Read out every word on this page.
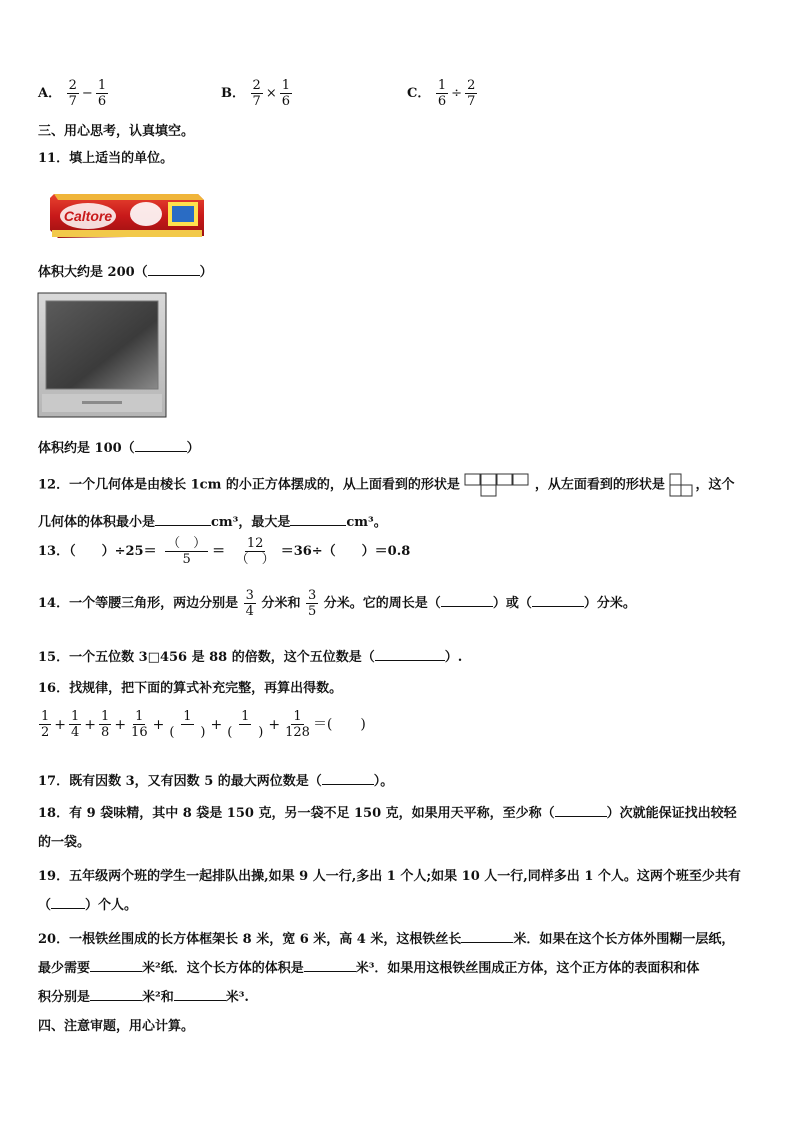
A． $\frac{2}{7} - \frac{1}{6}$	B． $\frac{2}{7} \times \frac{1}{6}$	C． $\frac{1}{6} \div \frac{2}{7}$
三、用心思考，认真填空。
11．填上适当的单位。
Caltore
体积大约是 200（	）
体积约是 100（	）
12．一个几何体是由棱长 1cm 的小正方体摆成的，从上面看到的形状是	，从左面看到的形状是 ，这个
几何体的体积最小是	cm³，最大是	cm³。
13．（ ）$\div 25= \frac{( )}{5} = \frac{12}{( )} =36\div$（ ）＝0.8
14．一个等腰三角形，两边分别是 $\frac{3}{4}$ 分米和 $\frac{3}{5}$ 分米。它的周长是（	）或（	）分米。
15．一个五位数 3□456 是 88 的倍数，这个五位数是（	）.
16．找规律，把下面的算式补充完整，再算出得数。
$\frac{1}{2} + \frac{1}{4} + \frac{1}{8} + \frac{1}{16} + \frac{1}{( )} + \frac{1}{( )} + \frac{1}{128}$ ＝(　　)
17．既有因数 3，又有因数 5 的最大两位数是（	）。
18．有 9 袋味精，其中 8 袋是 150 克，另一袋不足 150 克，如果用天平称，至少称（	）次就能保证找出较轻
的一袋。
19．五年级两个班的学生一起排队出操,如果 9 人一行,多出 1 个人;如果 10 人一行,同样多出 1 个人。这两个班至少共有
（	）个人。
20．一根铁丝围成的长方体框架长 8 米，宽 6 米，高 4 米，这根铁丝长	米．如果在这个长方体外围糊一层纸，
最少需要	米²纸．这个长方体的体积是	米³．如果用这根铁丝围成正方体，这个正方体的表面积和体
积分别是	米²和	米³.
四、注意审题，用心计算。
